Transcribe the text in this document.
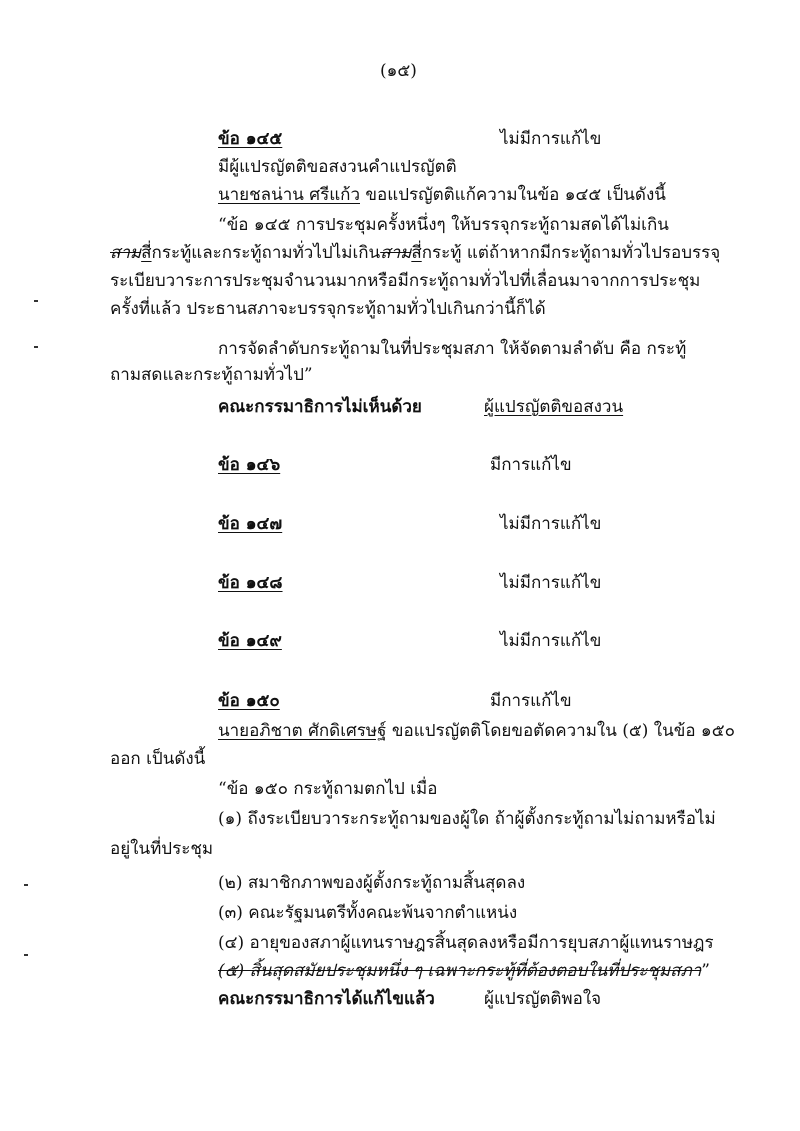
(๑๕)
ข้อ ๑๔๕	ไม่มีการแก้ไข
มีผู้แปรญัตติขอสงวนคำแปรญัตติ
นายชลน่าน ศรีแก้ว ขอแปรญัตติแก้ความในข้อ ๑๔๕ เป็นดังนี้
“ข้อ ๑๔๕ การประชุมครั้งหนึ่งๆ ให้บรรจุกระทู้ถามสดได้ไม่เกิน
สามสี่กระทู้และกระทู้ถามทั่วไปไม่เกินสามสี่กระทู้ แต่ถ้าหากมีกระทู้ถามทั่วไปรอบรรจุ
ระเบียบวาระการประชุมจำนวนมากหรือมีกระทู้ถามทั่วไปที่เลื่อนมาจากการประชุม
ครั้งที่แล้ว ประธานสภาจะบรรจุกระทู้ถามทั่วไปเกินกว่านี้ก็ได้
การจัดลำดับกระทู้ถามในที่ประชุมสภา ให้จัดตามลำดับ คือ กระทู้
ถามสดและกระทู้ถามทั่วไป”
คณะกรรมาธิการไม่เห็นด้วย	ผู้แปรญัตติขอสงวน
ข้อ ๑๔๖	มีการแก้ไข
ข้อ ๑๔๗	ไม่มีการแก้ไข
ข้อ ๑๔๘	ไม่มีการแก้ไข
ข้อ ๑๔๙	ไม่มีการแก้ไข
ข้อ ๑๕๐	มีการแก้ไข
นายอภิชาต ศักดิเศรษฐ์ ขอแปรญัตติโดยขอตัดความใน (๕) ในข้อ ๑๕๐
ออก เป็นดังนี้
“ข้อ ๑๕๐ กระทู้ถามตกไป เมื่อ
(๑) ถึงระเบียบวาระกระทู้ถามของผู้ใด ถ้าผู้ตั้งกระทู้ถามไม่ถามหรือไม่
อยู่ในที่ประชุม
(๒) สมาชิกภาพของผู้ตั้งกระทู้ถามสิ้นสุดลง
(๓) คณะรัฐมนตรีทั้งคณะพ้นจากตำแหน่ง
(๔) อายุของสภาผู้แทนราษฎรสิ้นสุดลงหรือมีการยุบสภาผู้แทนราษฎร
(๕) สิ้นสุดสมัยประชุมหนึ่ง ๆ เฉพาะกระทู้ที่ต้องตอบในที่ประชุมสภา”
คณะกรรมาธิการได้แก้ไขแล้ว	ผู้แปรญัตติพอใจ
